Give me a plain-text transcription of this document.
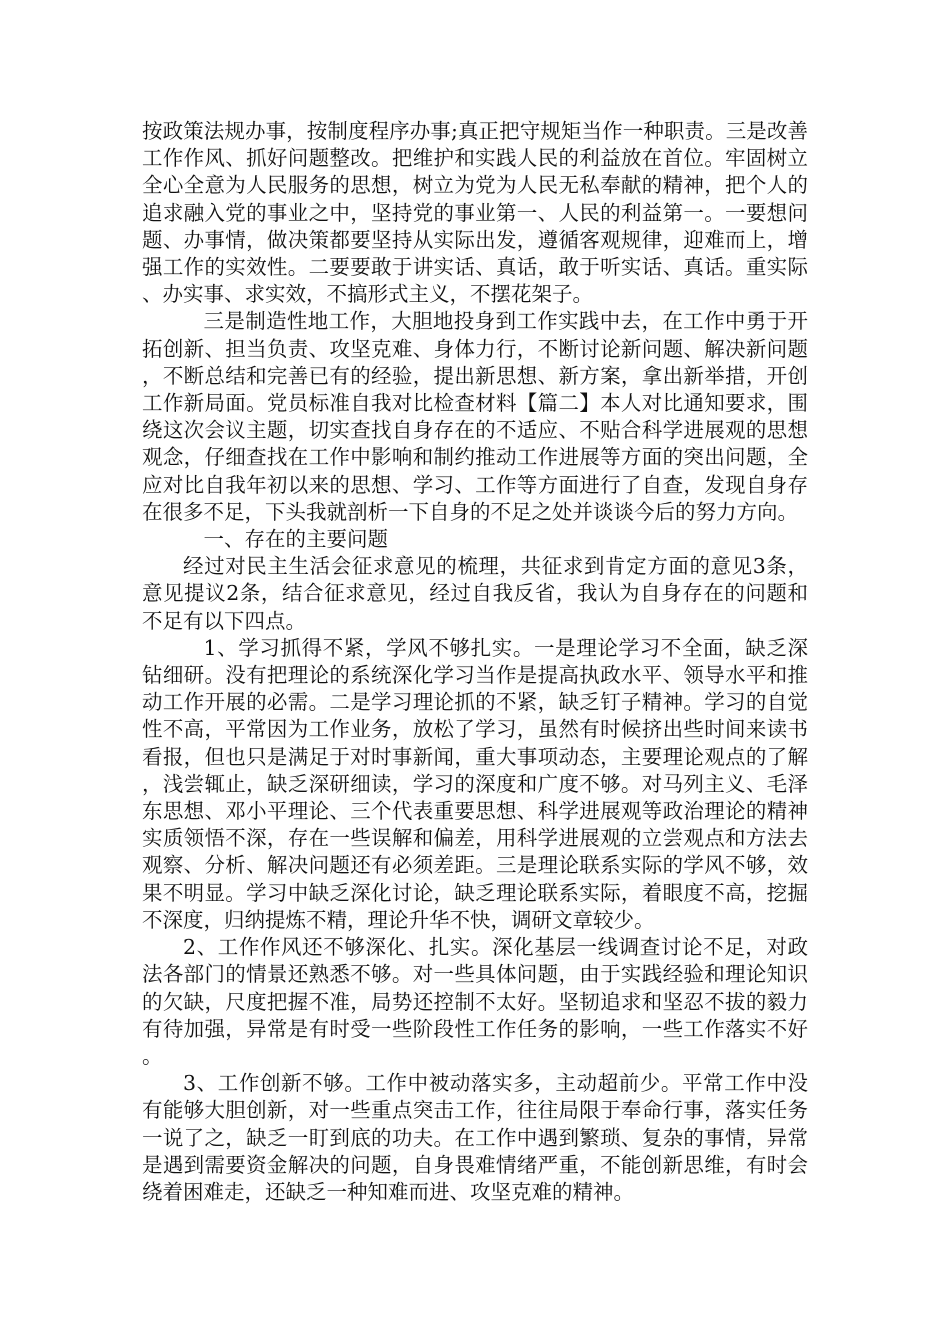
按政策法规办事，按制度程序办事;真正把守规矩当作一种职责。三是改善工作作风、抓好问题整改。把维护和实践人民的利益放在首位。牢固树立全心全意为人民服务的思想，树立为党为人民无私奉献的精神，把个人的追求融入党的事业之中，坚持党的事业第一、人民的利益第一。一要想问题、办事情，做决策都要坚持从实际出发，遵循客观规律，迎难而上，增强工作的实效性。二要要敢于讲实话、真话，敢于听实话、真话。重实际、办实事、求实效，不搞形式主义，不摆花架子。

三是制造性地工作，大胆地投身到工作实践中去，在工作中勇于开拓创新、担当负责、攻坚克难、身体力行，不断讨论新问题、解决新问题，不断总结和完善已有的经验，提出新思想、新方案，拿出新举措，开创工作新局面。党员标准自我对比检查材料【篇二】本人对比通知要求，围绕这次会议主题，切实查找自身存在的不适应、不贴合科学进展观的思想观念，仔细查找在工作中影响和制约推动工作进展等方面的突出问题，全应对比自我年初以来的思想、学习、工作等方面进行了自查，发现自身存在很多不足，下头我就剖析一下自身的不足之处并谈谈今后的努力方向。

一、存在的主要问题

经过对民主生活会征求意见的梳理，共征求到肯定方面的意见3条，意见提议2条，结合征求意见，经过自我反省，我认为自身存在的问题和不足有以下四点。

1、学习抓得不紧，学风不够扎实。一是理论学习不全面，缺乏深钻细研。没有把理论的系统深化学习当作是提高执政水平、领导水平和推动工作开展的必需。二是学习理论抓的不紧，缺乏钉子精神。学习的自觉性不高，平常因为工作业务，放松了学习，虽然有时候挤出些时间来读书看报，但也只是满足于对时事新闻，重大事项动态，主要理论观点的了解，浅尝辄止，缺乏深研细读，学习的深度和广度不够。对马列主义、毛泽东思想、邓小平理论、三个代表重要思想、科学进展观等政治理论的精神实质领悟不深，存在一些误解和偏差，用科学进展观的立尝观点和方法去观察、分析、解决问题还有必须差距。三是理论联系实际的学风不够，效果不明显。学习中缺乏深化讨论，缺乏理论联系实际，着眼度不高，挖掘不深度，归纳提炼不精，理论升华不快，调研文章较少。

2、工作作风还不够深化、扎实。深化基层一线调查讨论不足，对政法各部门的情景还熟悉不够。对一些具体问题，由于实践经验和理论知识的欠缺，尺度把握不准，局势还控制不太好。坚韧追求和坚忍不拔的毅力有待加强，异常是有时受一些阶段性工作任务的影响，一些工作落实不好。

3、工作创新不够。工作中被动落实多，主动超前少。平常工作中没有能够大胆创新，对一些重点突击工作，往往局限于奉命行事，落实任务一说了之，缺乏一盯到底的功夫。在工作中遇到繁琐、复杂的事情，异常是遇到需要资金解决的问题，自身畏难情绪严重，不能创新思维，有时会绕着困难走，还缺乏一种知难而进、攻坚克难的精神。
